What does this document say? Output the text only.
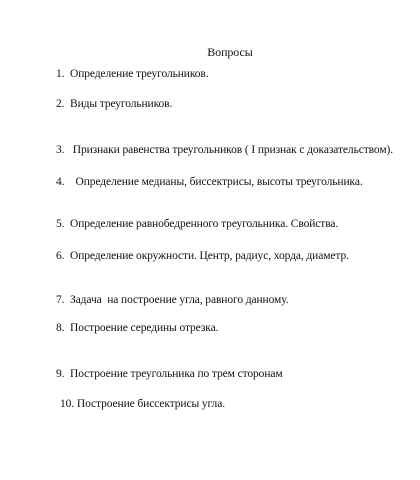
Вопросы
1. Определение треугольников.
2. Виды треугольников.
3. Признаки равенства треугольников ( I признак с доказательством).
4. Определение медианы, биссектрисы, высоты треугольника.
5. Определение равнобедренного треугольника. Свойства.
6. Определение окружности. Центр, радиус, хорда, диаметр.
7. Задача  на построение угла, равного данному.
8. Построение середины отрезка.
9. Построение треугольника по трем сторонам
10. Построение биссектрисы угла.
